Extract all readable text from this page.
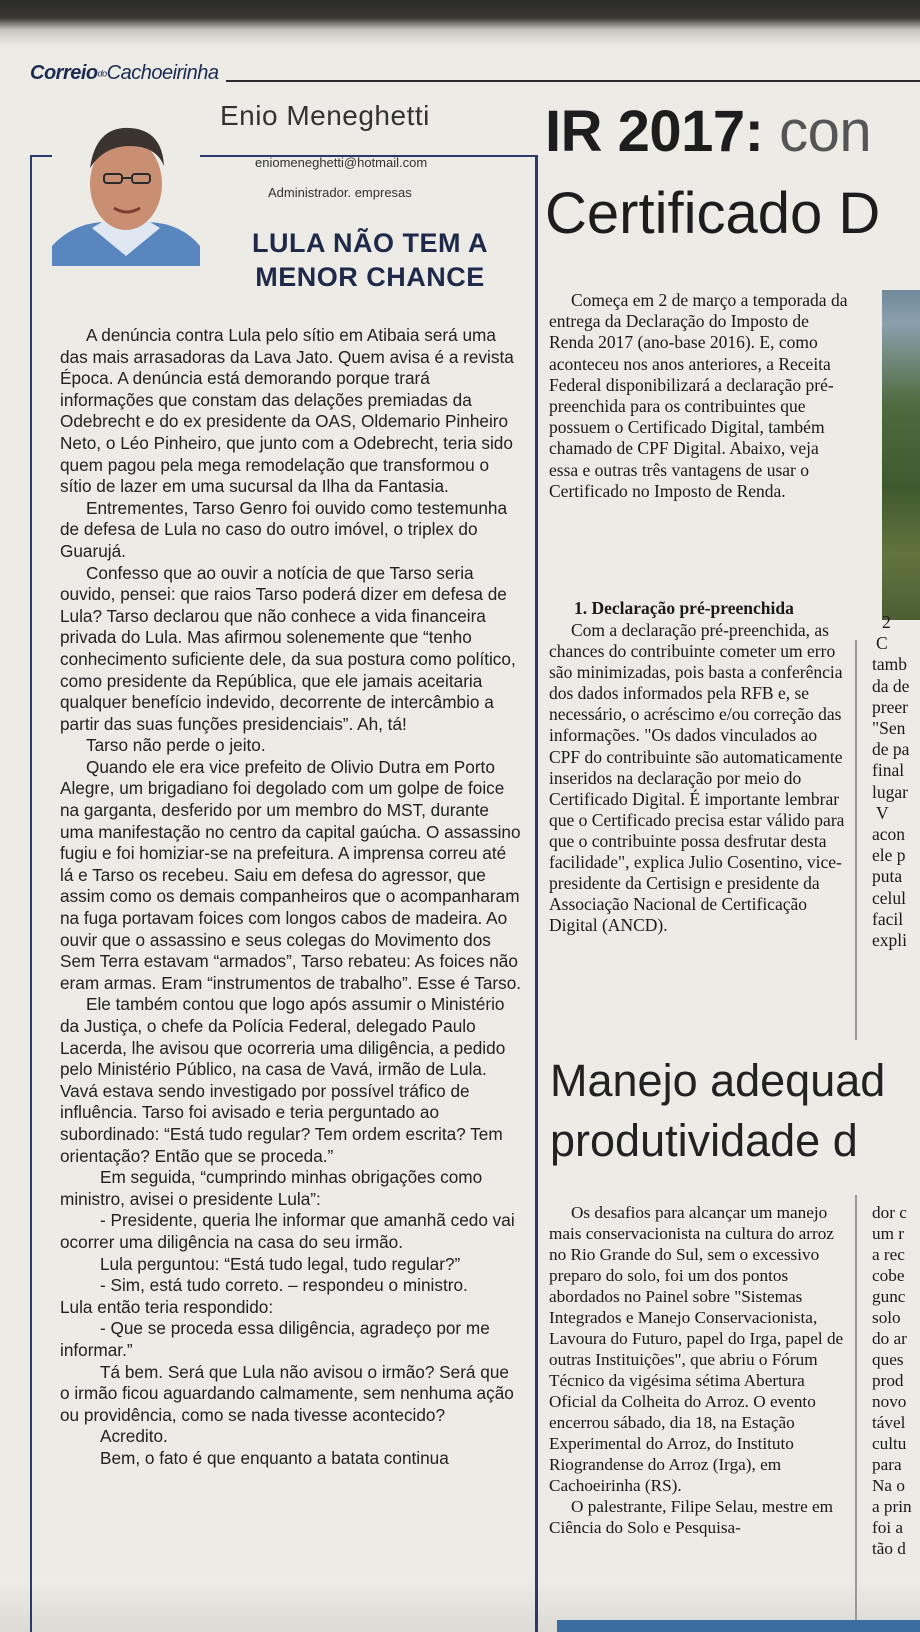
CorreiodoCachoeirinha
Enio Meneghetti
eniomeneghetti@hotmail.com
Administrador. empresas
LULA NÃO TEM A
MENOR CHANCE

A denúncia contra Lula pelo sítio em Atibaia será uma das mais arrasadoras da Lava Jato. Quem avisa é a revista Época. A denúncia está demorando porque trará informações que constam das delações premiadas da Odebrecht e do ex presidente da OAS, Oldemario Pinheiro Neto, o Léo Pinheiro, que junto com a Odebrecht, teria sido quem pagou pela mega remodelação que transformou o sítio de lazer em uma sucursal da Ilha da Fantasia.

Entrementes, Tarso Genro foi ouvido como testemunha de defesa de Lula no caso do outro imóvel, o triplex do Guarujá.

Confesso que ao ouvir a notícia de que Tarso seria ouvido, pensei: que raios Tarso poderá dizer em defesa de Lula? Tarso declarou que não conhece a vida financeira privada do Lula. Mas afirmou solenemente que “tenho conhecimento suficiente dele, da sua postura como político, como presidente da República, que ele jamais aceitaria qualquer benefício indevido, decorrente de intercâmbio a partir das suas funções presidenciais”. Ah, tá!

Tarso não perde o jeito.

Quando ele era vice prefeito de Olivio Dutra em Porto Alegre, um brigadiano foi degolado com um golpe de foice na garganta, desferido por um membro do MST, durante uma manifestação no centro da capital gaúcha. O assassino fugiu e foi homiziar-se na prefeitura. A imprensa correu até lá e Tarso os recebeu. Saiu em defesa do agressor, que assim como os demais companheiros que o acompanharam na fuga portavam foices com longos cabos de madeira. Ao ouvir que o assassino e seus colegas do Movimento dos Sem Terra estavam “armados”, Tarso rebateu: As foices não eram armas. Eram “instrumentos de trabalho”. Esse é Tarso.

Ele também contou que logo após assumir o Ministério da Justiça, o chefe da Polícia Federal, delegado Paulo Lacerda, lhe avisou que ocorreria uma diligência, a pedido pelo Ministério Público, na casa de Vavá, irmão de Lula. Vavá estava sendo investigado por possível tráfico de influência. Tarso foi avisado e teria perguntado ao subordinado: “Está tudo regular? Tem ordem escrita? Tem orientação? Então que se proceda.”

Em seguida, “cumprindo minhas obrigações como ministro, avisei o presidente Lula”:

- Presidente, queria lhe informar que amanhã cedo vai ocorrer uma diligência na casa do seu irmão.

Lula perguntou: “Está tudo legal, tudo regular?”

- Sim, está tudo correto. – respondeu o ministro.

Lula então teria respondido:

- Que se proceda essa diligência, agradeço por me informar.”

Tá bem. Será que Lula não avisou o irmão? Será que o irmão ficou aguardando calmamente, sem nenhuma ação ou providência, como se nada tivesse acontecido?

Acredito.

Bem, o fato é que enquanto a batata continua

IR 2017: con
Certificado D

Começa em 2 de março a temporada da entrega da Declaração do Imposto de Renda 2017 (ano-base 2016). E, como aconteceu nos anos anteriores, a Receita Federal disponibilizará a declaração pré-preenchida para os contribuintes que possuem o Certificado Digital, também chamado de CPF Digital. Abaixo, veja essa e outras três vantagens de usar o Certificado no Imposto de Renda.

1. Declaração pré-preenchida

Com a declaração pré-preenchida, as chances do contribuinte cometer um erro são minimizadas, pois basta a conferência dos dados informados pela RFB e, se necessário, o acréscimo e/ou correção das informações. "Os dados vinculados ao CPF do contribuinte são automaticamente inseridos na declaração por meio do Certificado Digital. É importante lembrar que o Certificado precisa estar válido para que o contribuinte possa desfrutar desta facilidade", explica Julio Cosentino, vice-presidente da Certisign e presidente da Associação Nacional de Certificação Digital (ANCD).

2
C
tamb
da de
preer
"Sen
de pa
final
lugar
V
acon
ele p
puta
celul
facil
expli
Manejo adequad
produtividade d

Os desafios para alcançar um manejo mais conservacionista na cultura do arroz no Rio Grande do Sul, sem o excessivo preparo do solo, foi um dos pontos abordados no Painel sobre "Sistemas Integrados e Manejo Conservacionista, Lavoura do Futuro, papel do Irga, papel de outras Instituições", que abriu o Fórum Técnico da vigésima sétima Abertura Oficial da Colheita do Arroz. O evento encerrou sábado, dia 18, na Estação Experimental do Arroz, do Instituto Riograndense do Arroz (Irga), em Cachoeirinha (RS).

O palestrante, Filipe Selau, mestre em Ciência do Solo e Pesquisa-

dor c
um r
a rec
cobe
gunc
solo
do ar
ques
prod
novo
tável
cultu
para
Na o
a prin
foi a
tão d
